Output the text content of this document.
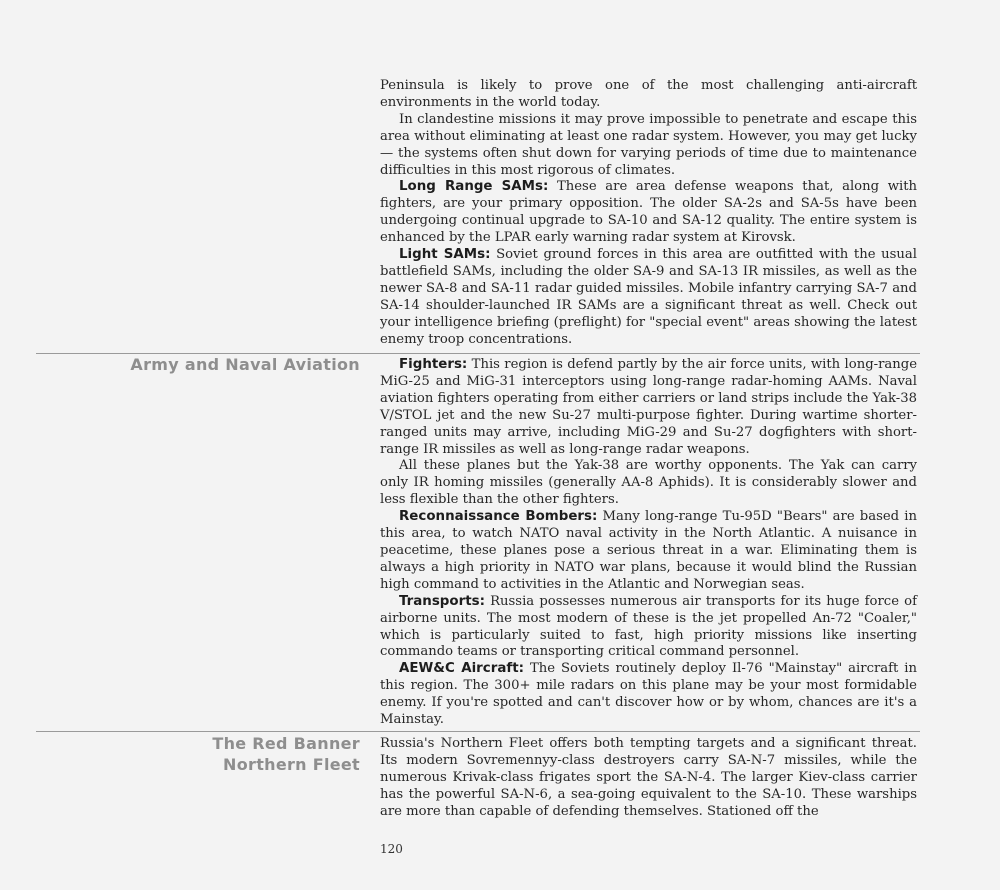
Peninsula is likely to prove one of the most challenging anti-aircraft environments in the world today.

In clandestine missions it may prove impossible to penetrate and escape this area without eliminating at least one radar system. However, you may get lucky — the systems often shut down for varying periods of time due to maintenance difficulties in this most rigorous of climates.

Long Range SAMs: These are area defense weapons that, along with fighters, are your primary opposition. The older SA-2s and SA-5s have been undergoing continual upgrade to SA-10 and SA-12 quality. The entire system is enhanced by the LPAR early warning radar system at Kirovsk.

Light SAMs: Soviet ground forces in this area are outfitted with the usual battlefield SAMs, including the older SA-9 and SA-13 IR missiles, as well as the newer SA-8 and SA-11 radar guided missiles. Mobile infantry carrying SA-7 and SA-14 shoulder-launched IR SAMs are a significant threat as well. Check out your intelligence briefing (preflight) for "special event" areas showing the latest enemy troop concentrations.

Army and Naval Aviation	Fighters: This region is defend partly by the air force units, with long-range MiG-25 and MiG-31 interceptors using long-range radar-homing AAMs. Naval aviation fighters operating from either carriers or land strips include the Yak-38 V/STOL jet and the new Su-27 multi-purpose fighter. During wartime shorter-ranged units may arrive, including MiG-29 and Su-27 dogfighters with short-range IR missiles as well as long-range radar weapons.

All these planes but the Yak-38 are worthy opponents. The Yak can carry only IR homing missiles (generally AA-8 Aphids). It is considerably slower and less flexible than the other fighters.

Reconnaissance Bombers: Many long-range Tu-95D "Bears" are based in this area, to watch NATO naval activity in the North Atlantic. A nuisance in peacetime, these planes pose a serious threat in a war. Eliminating them is always a high priority in NATO war plans, because it would blind the Russian high command to activities in the Atlantic and Norwegian seas.

Transports: Russia possesses numerous air transports for its huge force of airborne units. The most modern of these is the jet propelled An-72 "Coaler," which is particularly suited to fast, high priority missions like inserting commando teams or transporting critical command personnel.

AEW&C Aircraft: The Soviets routinely deploy Il-76 "Mainstay" aircraft in this region. The 300+ mile radars on this plane may be your most formidable enemy. If you're spotted and can't discover how or by whom, chances are it's a Mainstay.

The Red Banner
Northern Fleet

Russia's Northern Fleet offers both tempting targets and a significant threat. Its modern Sovremennyy-class destroyers carry SA-N-7 missiles, while the numerous Krivak-class frigates sport the SA-N-4. The larger Kiev-class carrier has the powerful SA-N-6, a sea-going equivalent to the SA-10. These warships are more than capable of defending themselves. Stationed off the

120
